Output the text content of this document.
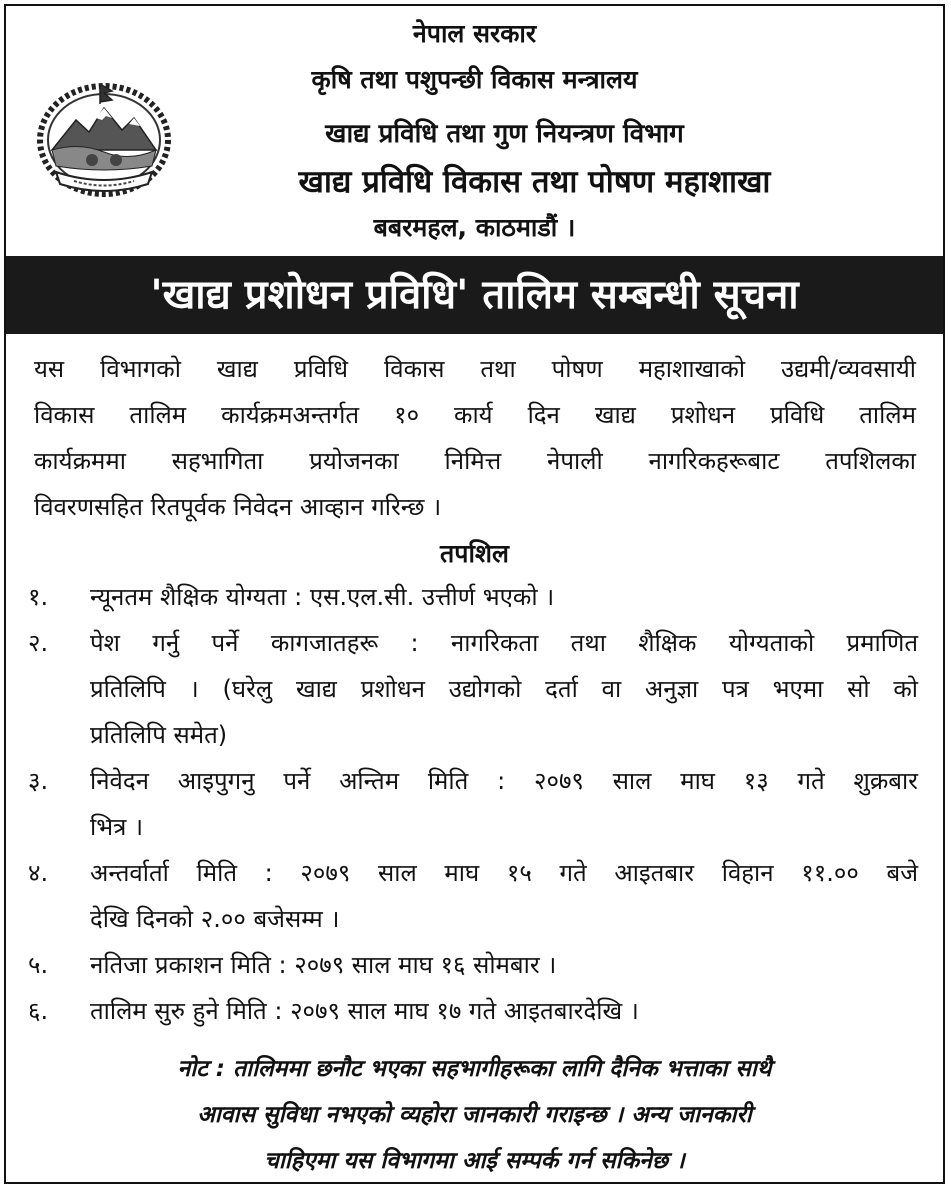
नेपाल सरकार
कृषि तथा पशुपन्छी विकास मन्त्रालय
खाद्य प्रविधि तथा गुण नियन्त्रण विभाग
खाद्य प्रविधि विकास तथा पोषण महाशाखा
बबरमहल, काठमाडौं ।
'खाद्य प्रशोधन प्रविधि' तालिम सम्बन्धी सूचना
यस विभागको खाद्य प्रविधि विकास तथा पोषण महाशाखाको उद्यमी/व्यवसायी
विकास तालिम कार्यक्रमअन्तर्गत १० कार्य दिन खाद्य प्रशोधन प्रविधि तालिम
कार्यक्रममा सहभागिता प्रयोजनका निमित्त नेपाली नागरिकहरूबाट तपशिलका
विवरणसहित रितपूर्वक निवेदन आव्हान गरिन्छ ।
तपशिल
१.	न्यूनतम शैक्षिक योग्यता : एस.एल.सी. उत्तीर्ण भएको ।
२.	पेश गर्नु पर्ने कागजातहरू : नागरिकता तथा शैक्षिक योग्यताको प्रमाणित
प्रतिलिपि । (घरेलु खाद्य प्रशोधन उद्योगको दर्ता वा अनुज्ञा पत्र भएमा सो को
प्रतिलिपि समेत)
३.	निवेदन आइपुगनु पर्ने अन्तिम मिति : २०७९ साल माघ १३ गते शुक्रबार
भित्र ।
४.	अन्तर्वार्ता मिति : २०७९ साल माघ १५ गते आइतबार विहान ११.०० बजे
देखि दिनको २.०० बजेसम्म ।
५.	नतिजा प्रकाशन मिति : २०७९ साल माघ १६ सोमबार ।
६.	तालिम सुरु हुने मिति : २०७९ साल माघ १७ गते आइतबारदेखि ।
नोट : तालिममा छनौट भएका सहभागीहरूका लागि दैनिक भत्ताका साथै
आवास सुविधा नभएको व्यहोरा जानकारी गराइन्छ । अन्य जानकारी
चाहिएमा यस विभागमा आई सम्पर्क गर्न सकिनेछ ।
